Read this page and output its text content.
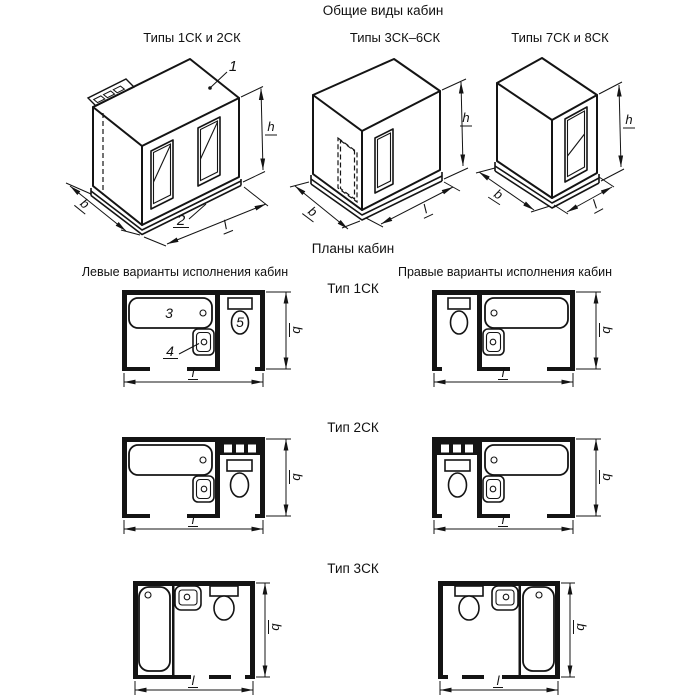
Общие виды кабин
Типы 1СК и 2СК	Типы 3СК–6СК	Типы 7СК и 8СК
b
l
h
1
2
b	l
h
b
l
h
Планы кабин
Левые варианты исполнения кабин	Правые варианты исполнения кабин
Тип 1СК
Тип 2СК
Тип 3СК
3
4
5	b
l
b
l
b
l
b
l
b
l
b
l
